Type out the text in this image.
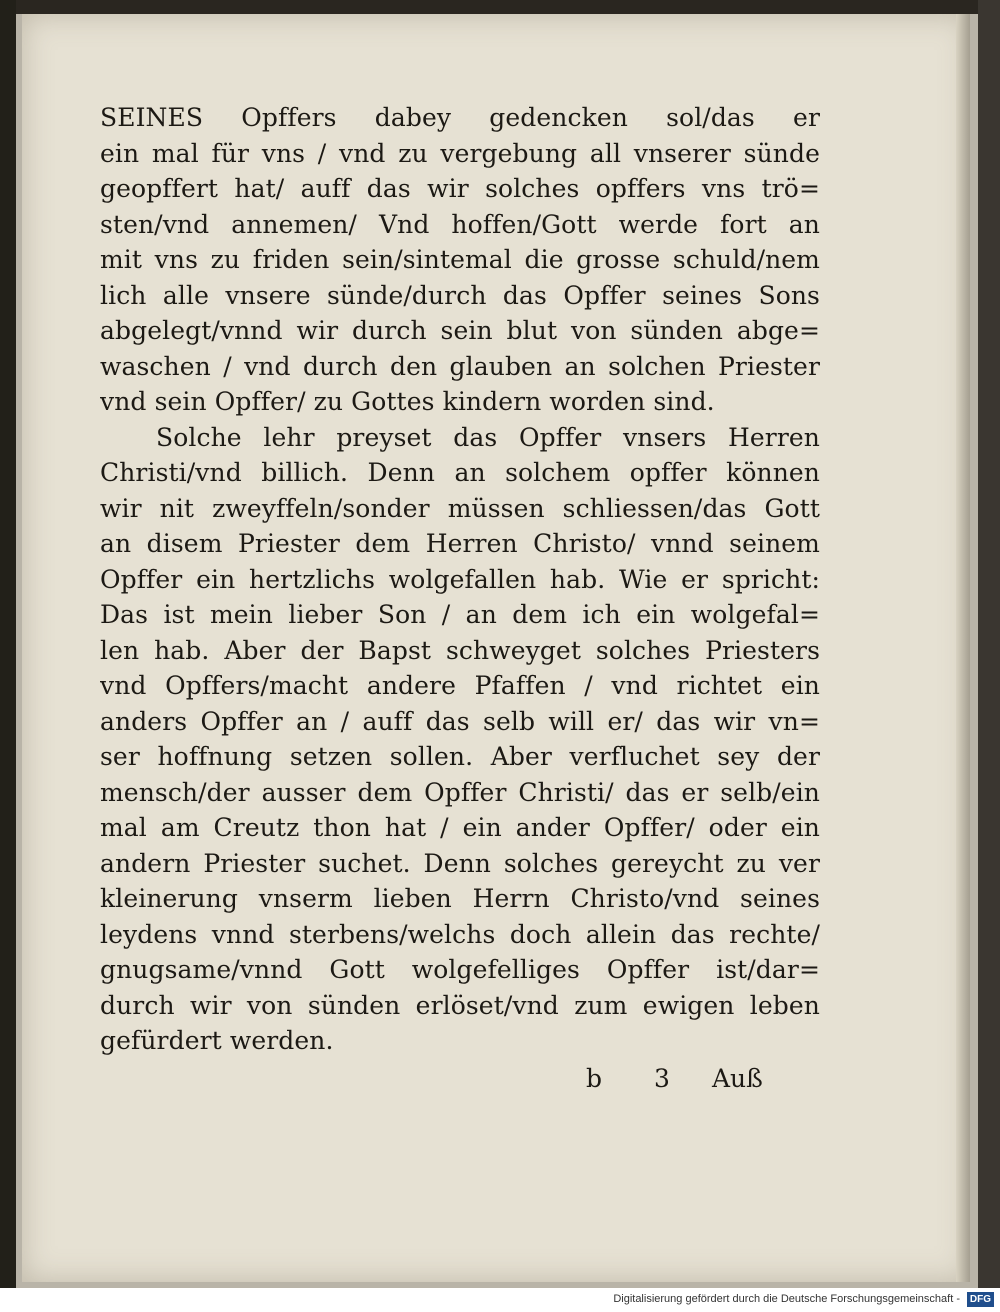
SEINES Opffers dabey gedencken sol/das er
ein mal für vns / vnd zu vergebung all vnserer sünde
geopffert hat/ auff das wir solches opffers vns trö=
sten/vnd annemen/ Vnd hoffen/Gott werde fort an
mit vns zu friden sein/sintemal die grosse schuld/nem
lich alle vnsere sünde/durch das Opffer seines Sons
abgelegt/vnnd wir durch sein blut von sünden abge=
waschen / vnd durch den glauben an solchen Priester
vnd sein Opffer/ zu Gottes kindern worden sind.
Solche lehr preyset das Opffer vnsers Herren
Christi/vnd billich. Denn an solchem opffer können
wir nit zweyffeln/sonder müssen schliessen/das Gott
an disem Priester dem Herren Christo/ vnnd seinem
Opffer ein hertzlichs wolgefallen hab. Wie er spricht:
Das ist mein lieber Son / an dem ich ein wolgefal=
len hab. Aber der Bapst schweyget solches Priesters
vnd Opffers/macht andere Pfaffen / vnd richtet ein
anders Opffer an / auff das selb will er/ das wir vn=
ser hoffnung setzen sollen. Aber verfluchet sey der
mensch/der ausser dem Opffer Christi/ das er selb/ein
mal am Creutz thon hat / ein ander Opffer/ oder ein
andern Priester suchet. Denn solches gereycht zu ver
kleinerung vnserm lieben Herrn Christo/vnd seines
leydens vnnd sterbens/welchs doch allein das rechte/
gnugsame/vnnd Gott wolgefelliges Opffer ist/dar=
durch wir von sünden erlöset/vnd zum ewigen leben
gefürdert werden.
b 3 Auß
Digitalisierung gefördert durch die Deutsche Forschungsgemeinschaft - DFG
